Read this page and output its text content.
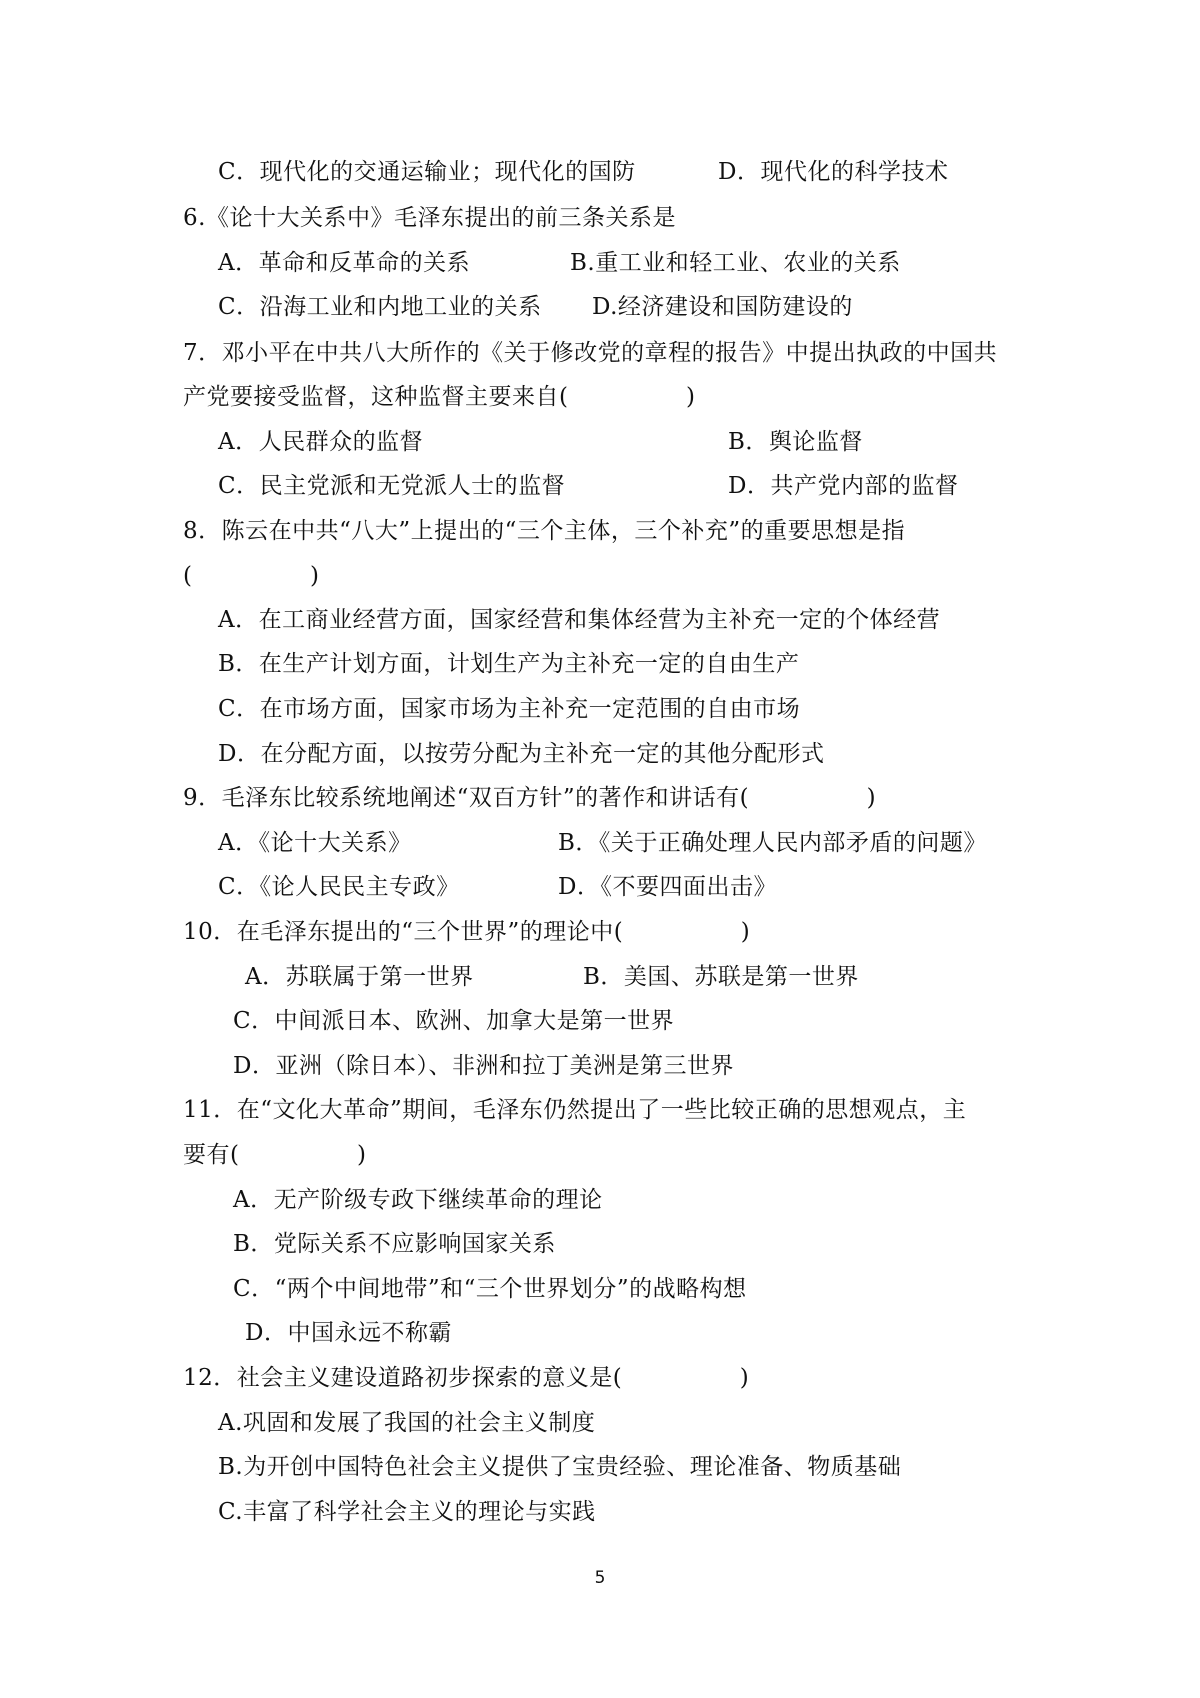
C．现代化的交通运输业；现代化的国防	D．现代化的科学技术
6.《论十大关系中》毛泽东提出的前三条关系是
A．革命和反革命的关系	B.重工业和轻工业、农业的关系
C．沿海工业和内地工业的关系 D.经济建设和国防建设的
7．邓小平在中共八大所作的《关于修改党的章程的报告》中提出执政的中国共
产党要接受监督，这种监督主要来自(　　　　　)
A．人民群众的监督	B．舆论监督
C．民主党派和无党派人士的监督	D．共产党内部的监督
8．陈云在中共“八大”上提出的“三个主体，三个补充”的重要思想是指
(　　　　　)
A．在工商业经营方面，国家经营和集体经营为主补充一定的个体经营
B．在生产计划方面，计划生产为主补充一定的自由生产
C．在市场方面，国家市场为主补充一定范围的自由市场
D．在分配方面，以按劳分配为主补充一定的其他分配形式
9．毛泽东比较系统地阐述“双百方针”的著作和讲话有(　　　　　)
A．《论十大关系》	B．《关于正确处理人民内部矛盾的问题》
C．《论人民民主专政》	D．《不要四面出击》
10．在毛泽东提出的“三个世界”的理论中(　　　　　)
A．苏联属于第一世界	B．美国、苏联是第一世界
C．中间派日本、欧洲、加拿大是第一世界
D．亚洲（除日本）、非洲和拉丁美洲是第三世界
11．在“文化大革命”期间，毛泽东仍然提出了一些比较正确的思想观点，主
要有(　　　　　)
A．无产阶级专政下继续革命的理论
B．党际关系不应影响国家关系
C．“两个中间地带”和“三个世界划分”的战略构想
D．中国永远不称霸
12．社会主义建设道路初步探索的意义是(　　　　　)
A.巩固和发展了我国的社会主义制度
B.为开创中国特色社会主义提供了宝贵经验、理论准备、物质基础
C.丰富了科学社会主义的理论与实践
5
